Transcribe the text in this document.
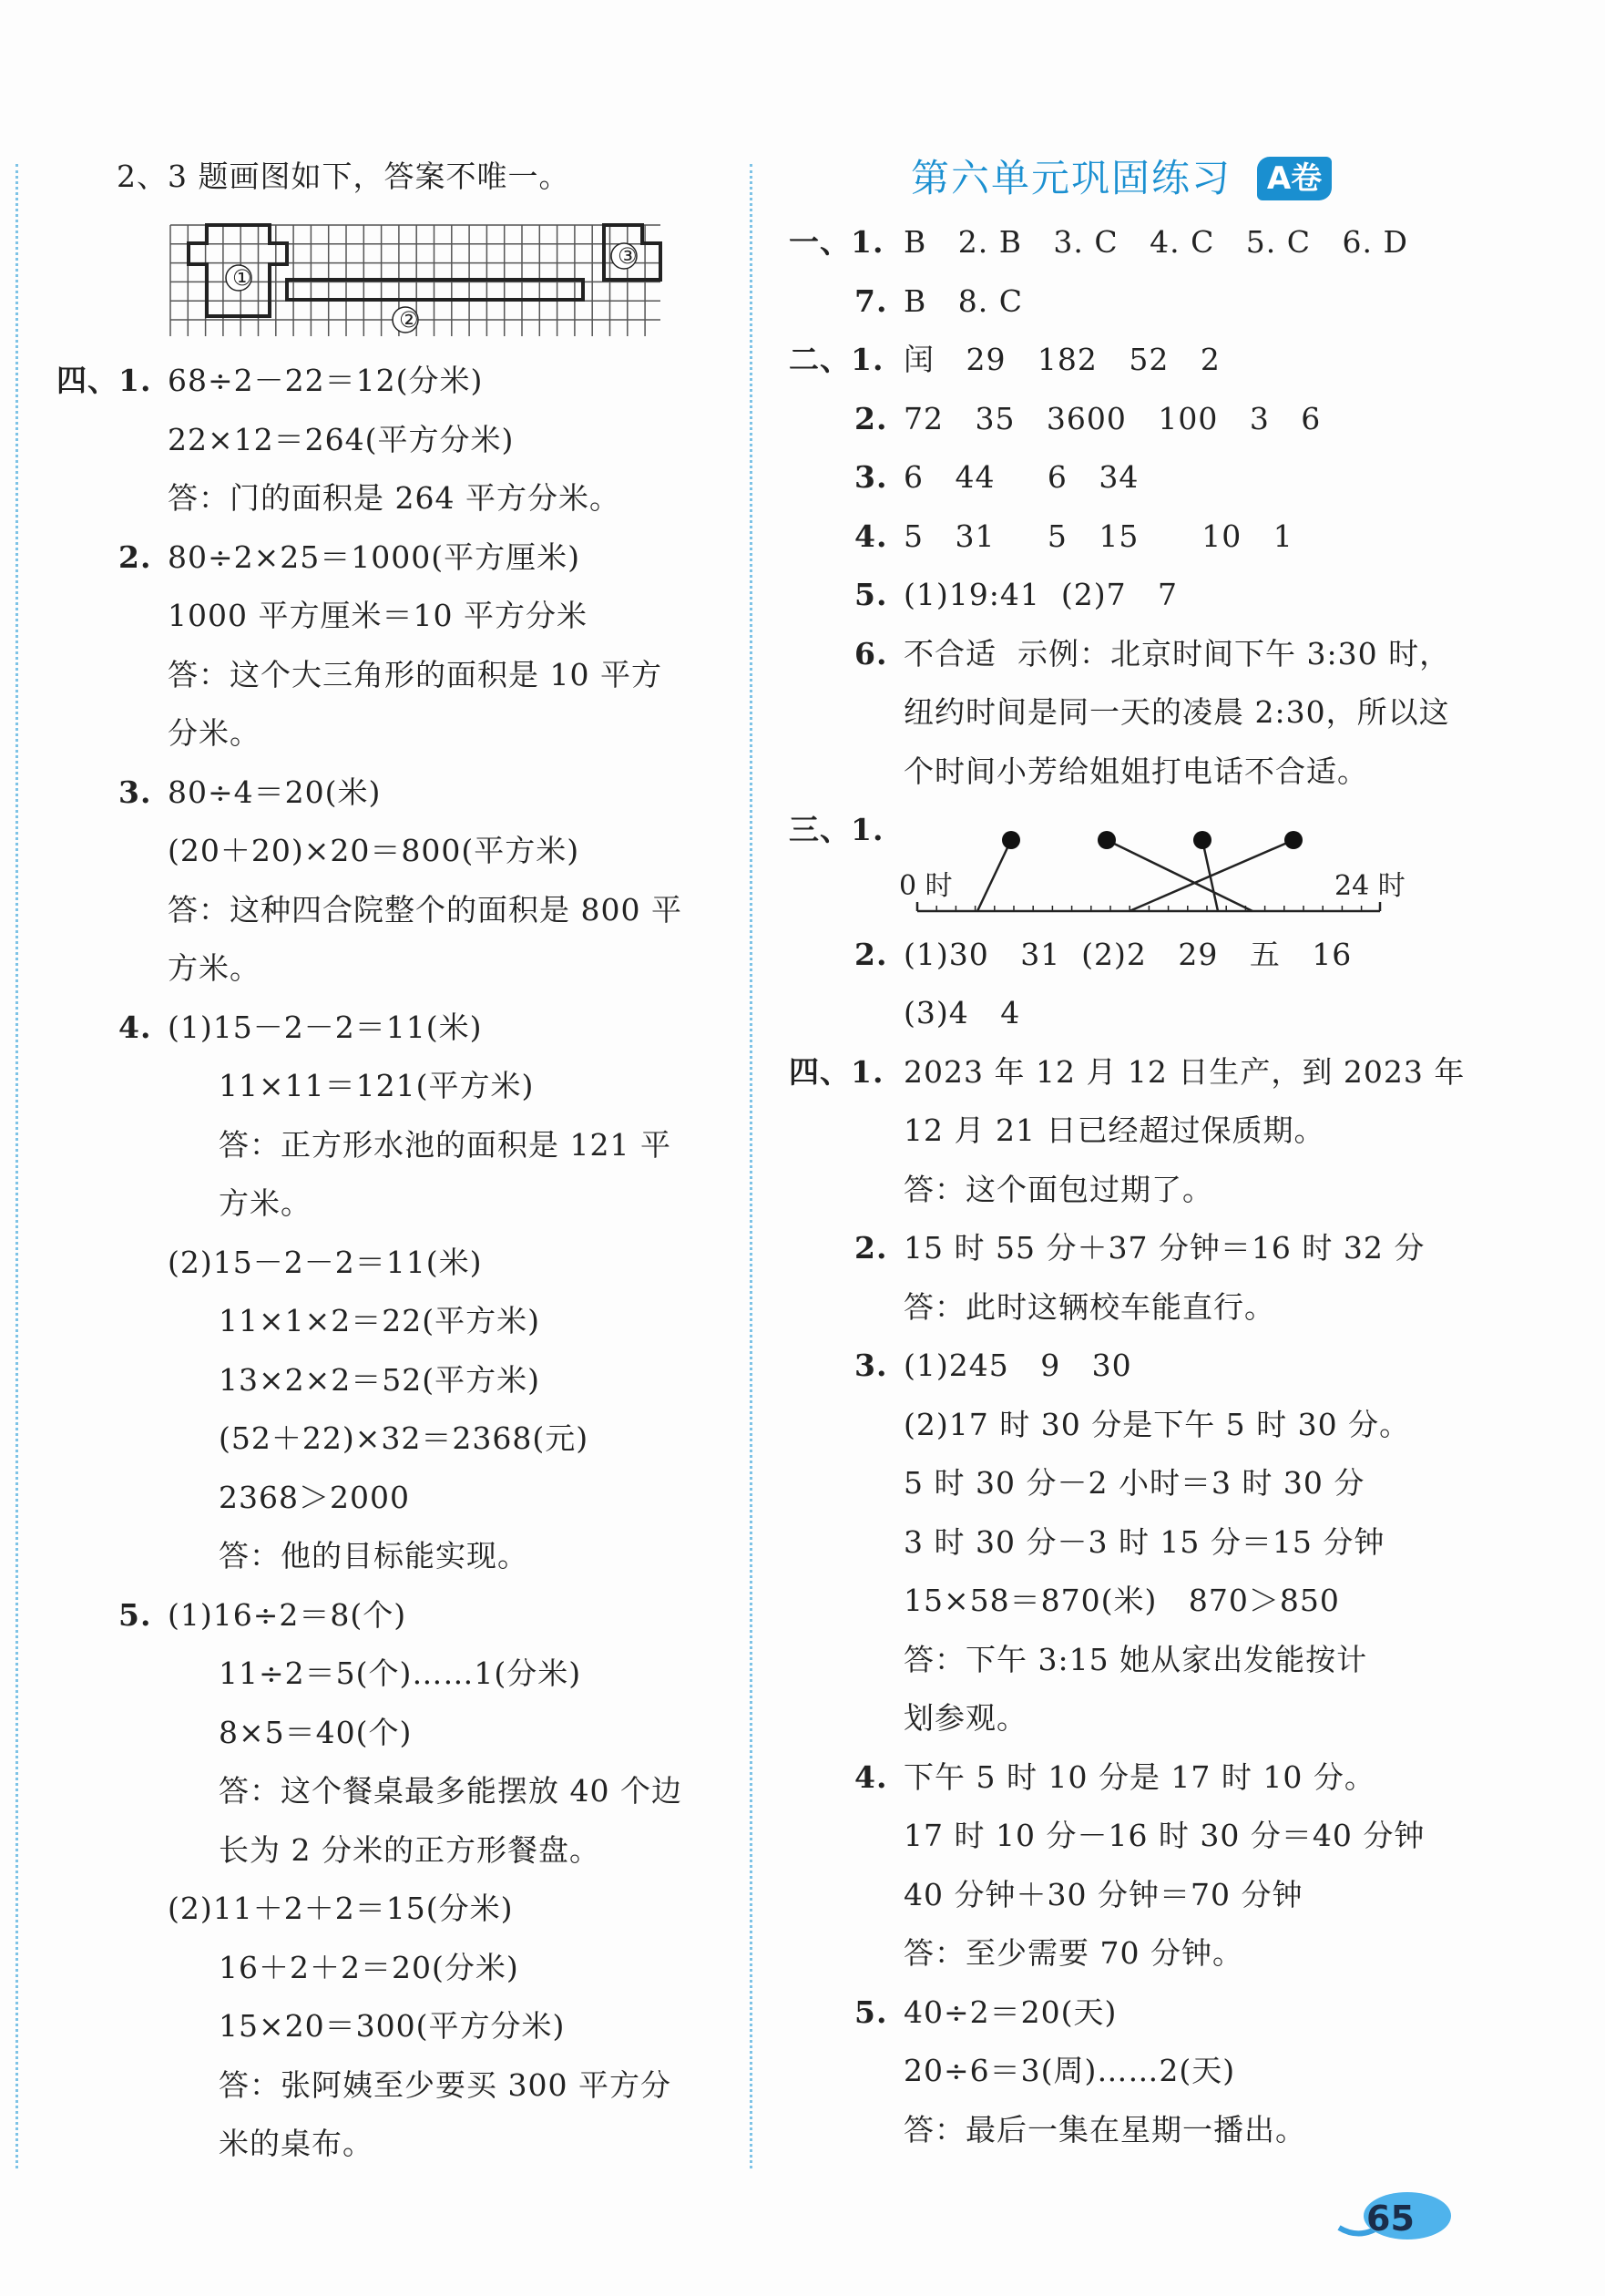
2、3 题画图如下，答案不唯一。
①
②
③
四、1. 68÷2－22＝12(分米)
22×12＝264(平方分米)
答：门的面积是 264 平方分米。
2. 80÷2×25＝1000(平方厘米)
1000 平方厘米＝10 平方分米
答：这个大三角形的面积是 10 平方
分米。
3. 80÷4＝20(米)
(20＋20)×20＝800(平方米)
答：这种四合院整个的面积是 800 平
方米。
4. (1)15－2－2＝11(米)
11×11＝121(平方米)
答：正方形水池的面积是 121 平
方米。
(2)15－2－2＝11(米)
11×1×2＝22(平方米)
13×2×2＝52(平方米)
(52＋22)×32＝2368(元)
2368＞2000
答：他的目标能实现。
5. (1)16÷2＝8(个)
11÷2＝5(个)……1(分米)
8×5＝40(个)
答：这个餐桌最多能摆放 40 个边
长为 2 分米的正方形餐盘。
(2)11＋2＋2＝15(分米)
16＋2＋2＝20(分米)
15×20＝300(平方分米)
答：张阿姨至少要买 300 平方分
米的桌布。
第六单元巩固练习	A卷
一、1. B   2. B   3. C   4. C   5. C   6. D
7. B   8. C
二、1. 闰   29   182   52   2
2. 72   35   3600   100   3   6
3. 6   44     6   34
4. 5   31     5   15      10   1
5. (1)19:41  (2)7   7
6. 不合适  示例：北京时间下午 3:30 时，
纽约时间是同一天的凌晨 2:30，所以这
个时间小芳给姐姐打电话不合适。
三、1.
2. (1)30   31  (2)2   29   五   16
(3)4   4
四、1. 2023 年 12 月 12 日生产，到 2023 年
12 月 21 日已经超过保质期。
答：这个面包过期了。
2. 15 时 55 分＋37 分钟＝16 时 32 分
答：此时这辆校车能直行。
3. (1)245   9   30
(2)17 时 30 分是下午 5 时 30 分。
5 时 30 分－2 小时＝3 时 30 分
3 时 30 分－3 时 15 分＝15 分钟
15×58＝870(米)   870＞850
答：下午 3:15 她从家出发能按计
划参观。
4. 下午 5 时 10 分是 17 时 10 分。
17 时 10 分－16 时 30 分＝40 分钟
40 分钟＋30 分钟＝70 分钟
答：至少需要 70 分钟。
5. 40÷2＝20(天)
20÷6＝3(周)……2(天)
答：最后一集在星期一播出。
0 时	24 时
65
